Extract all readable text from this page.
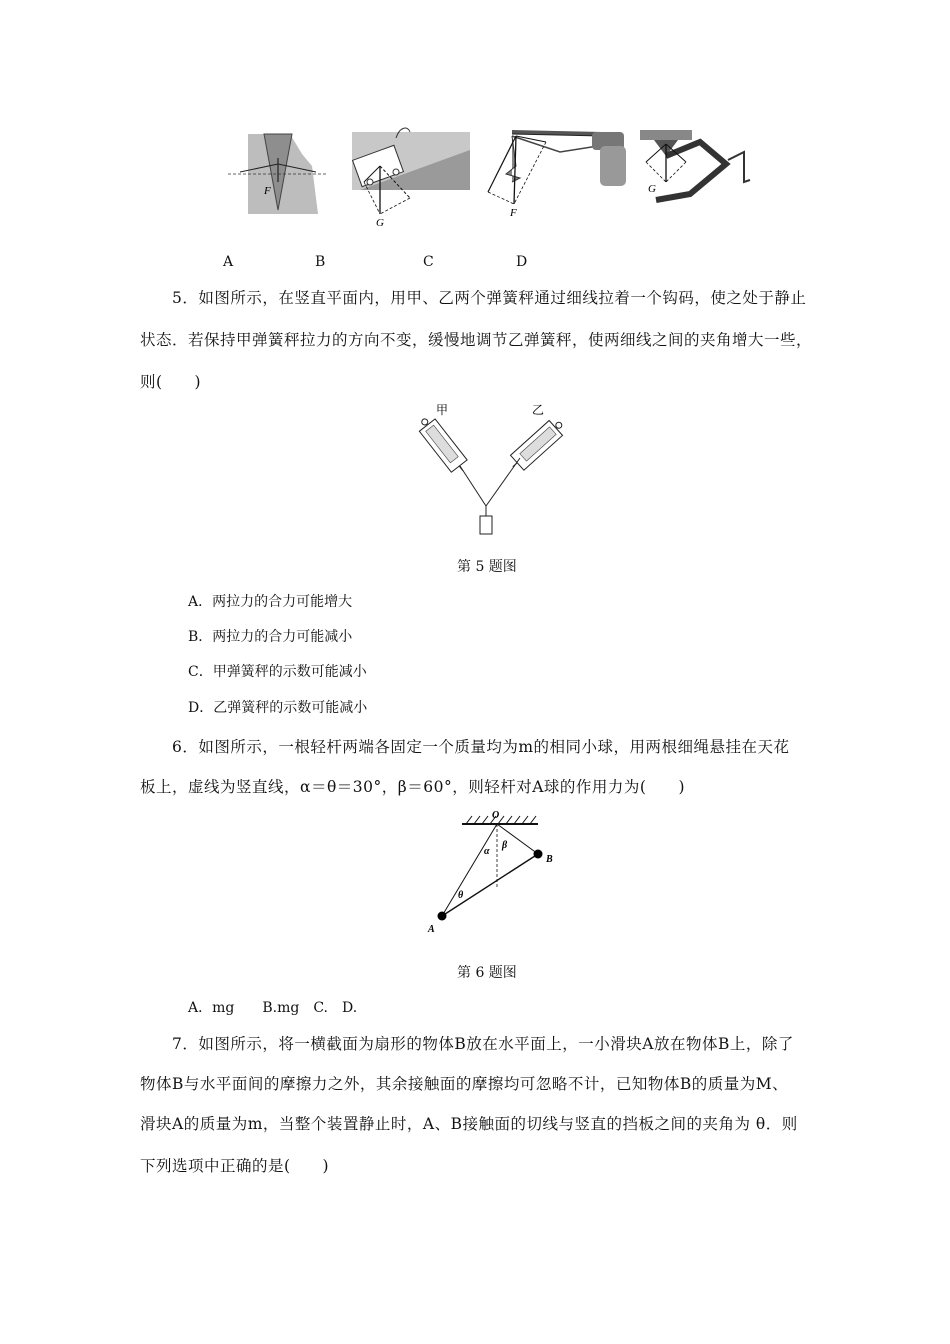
F
G
F
G
A	B	C	D
5．如图所示，在竖直平面内，用甲、乙两个弹簧秤通过细线拉着一个钩码，使之处于静止
状态．若保持甲弹簧秤拉力的方向不变，缓慢地调节乙弹簧秤，使两细线之间的夹角增大一些，
则(　　)
甲	乙
第 5 题图
A．两拉力的合力可能增大
B．两拉力的合力可能减小
C．甲弹簧秤的示数可能减小
D．乙弹簧秤的示数可能减小
6．如图所示，一根轻杆两端各固定一个质量均为m的相同小球，用两根细绳悬挂在天花
板上，虚线为竖直线，α＝θ＝30°，β＝60°，则轻杆对A球的作用力为(　　)
O
α
β
θ
A
B
第 6 题图
A．mg　　B.mg　C.　D.
7．如图所示，将一横截面为扇形的物体B放在水平面上，一小滑块A放在物体B上，除了
物体B与水平面间的摩擦力之外，其余接触面的摩擦均可忽略不计，已知物体B的质量为M、
滑块A的质量为m，当整个装置静止时，A、B接触面的切线与竖直的挡板之间的夹角为 θ．则
下列选项中正确的是(　　)
